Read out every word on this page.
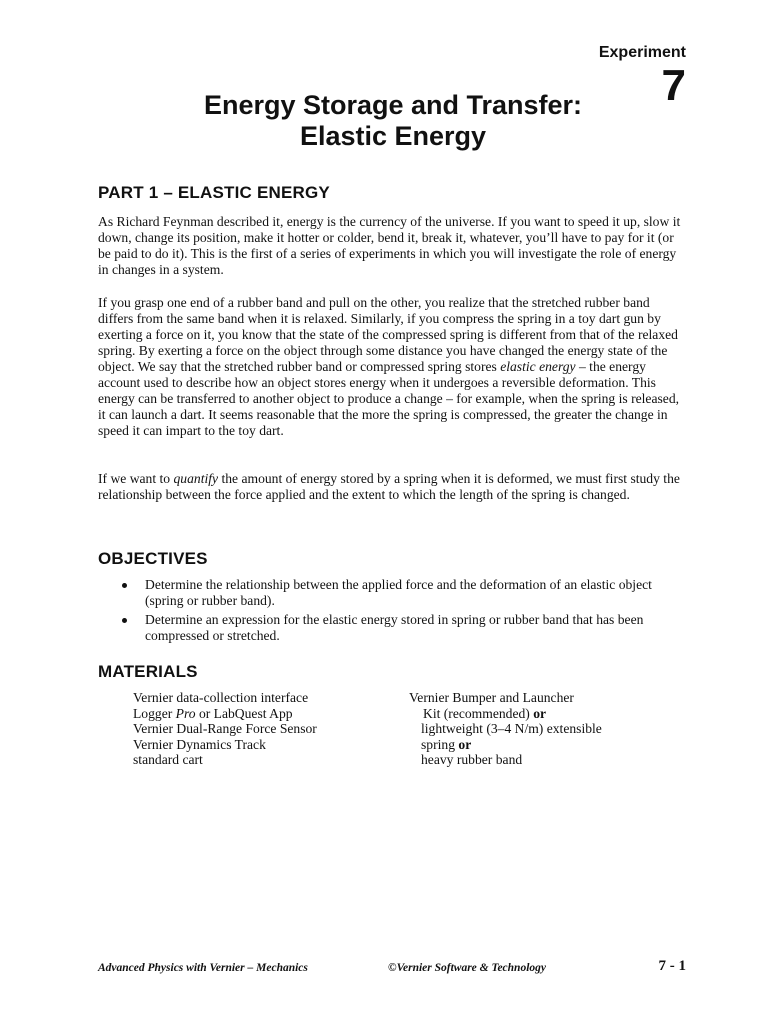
Experiment
7
Energy Storage and Transfer:
Elastic Energy
PART 1 – ELASTIC ENERGY

As Richard Feynman described it, energy is the currency of the universe. If you want to speed it up, slow it down, change its position, make it hotter or colder, bend it, break it, whatever, you’ll have to pay for it (or be paid to do it). This is the first of a series of experiments in which you will investigate the role of energy in changes in a system.

If you grasp one end of a rubber band and pull on the other, you realize that the stretched rubber band differs from the same band when it is relaxed. Similarly, if you compress the spring in a toy dart gun by exerting a force on it, you know that the state of the compressed spring is different from that of the relaxed spring. By exerting a force on the object through some distance you have changed the energy state of the object. We say that the stretched rubber band or compressed spring stores elastic energy – the energy account used to describe how an object stores energy when it undergoes a reversible deformation. This energy can be transferred to another object to produce a change – for example, when the spring is released, it can launch a dart. It seems reasonable that the more the spring is compressed, the greater the change in speed it can impart to the toy dart.

If we want to quantify the amount of energy stored by a spring when it is deformed, we must first study the relationship between the force applied and the extent to which the length of the spring is changed.

OBJECTIVES
Determine the relationship between the applied force and the deformation of an elastic object (spring or rubber band).
Determine an expression for the elastic energy stored in spring or rubber band that has been compressed or stretched.
MATERIALS
Vernier data-collection interface
Logger Pro or LabQuest App
Vernier Dual-Range Force Sensor
Vernier Dynamics Track
standard cart
Vernier Bumper and Launcher
Kit (recommended) or
lightweight (3–4 N/m) extensible
spring or
heavy rubber band
Advanced Physics with Vernier – Mechanics	©Vernier Software & Technology	7 - 1
